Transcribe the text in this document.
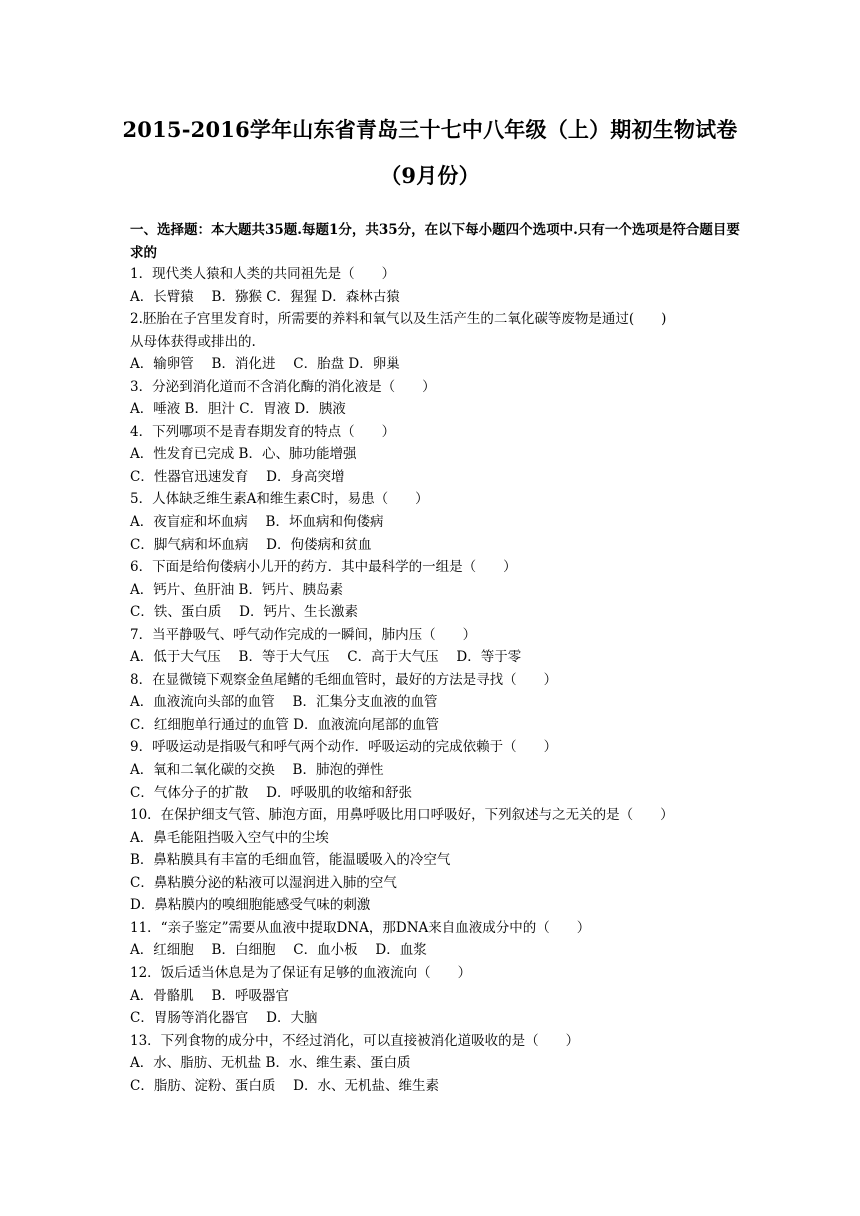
2015-2016学年山东省青岛三十七中八年级（上）期初生物试卷
（9月份）
一、选择题：本大题共35题.每题1分，共35分，在以下每小题四个选项中.只有一个选项是符合题目要求的
1．现代类人猿和人类的共同祖先是（　　）
A．长臂猿　 B．猕猴 C．猩猩 D．森林古猿
2.胚胎在子宫里发育时，所需要的养料和氧气以及生活产生的二氧化碳等废物是通过(　　)
从母体获得或排出的.
A．输卵管　 B．消化进　 C．胎盘 D．卵巢
3．分泌到消化道而不含消化酶的消化液是（　　）
A．唾液 B．胆汁 C．胃液 D．胰液
4．下列哪项不是青春期发育的特点（　　）
A．性发育已完成 B．心、肺功能增强
C．性器官迅速发育　 D．身高突增
5．人体缺乏维生素A和维生素C时，易患（　　）
A．夜盲症和坏血病　 B．坏血病和佝偻病
C．脚气病和坏血病　 D．佝偻病和贫血
6．下面是给佝偻病小儿开的药方．其中最科学的一组是（　　）
A．钙片、鱼肝油 B．钙片、胰岛素
C．铁、蛋白质　 D．钙片、生长激素
7．当平静吸气、呼气动作完成的一瞬间，肺内压（　　）
A．低于大气压　 B．等于大气压　 C．高于大气压　 D．等于零
8．在显微镜下观察金鱼尾鳍的毛细血管时，最好的方法是寻找（　　）
A．血液流向头部的血管　 B．汇集分支血液的血管
C．红细胞单行通过的血管 D．血液流向尾部的血管
9．呼吸运动是指吸气和呼气两个动作．呼吸运动的完成依赖于（　　）
A．氧和二氧化碳的交换　 B．肺泡的弹性
C．气体分子的扩散　 D．呼吸肌的收缩和舒张
10．在保护细支气管、肺泡方面，用鼻呼吸比用口呼吸好，下列叙述与之无关的是（　　）
A．鼻毛能阻挡吸入空气中的尘埃
B．鼻粘膜具有丰富的毛细血管，能温暖吸入的冷空气
C．鼻粘膜分泌的粘液可以湿润进入肺的空气
D．鼻粘膜内的嗅细胞能感受气味的刺激
11．“亲子鉴定”需要从血液中提取DNA，那DNA来自血液成分中的（　　）
A．红细胞　 B．白细胞　 C．血小板　 D．血浆
12．饭后适当休息是为了保证有足够的血液流向（　　）
A．骨骼肌　 B．呼吸器官
C．胃肠等消化器官　 D．大脑
13．下列食物的成分中，不经过消化，可以直接被消化道吸收的是（　　）
A．水、脂肪、无机盐 B．水、维生素、蛋白质
C．脂肪、淀粉、蛋白质　 D．水、无机盐、维生素
